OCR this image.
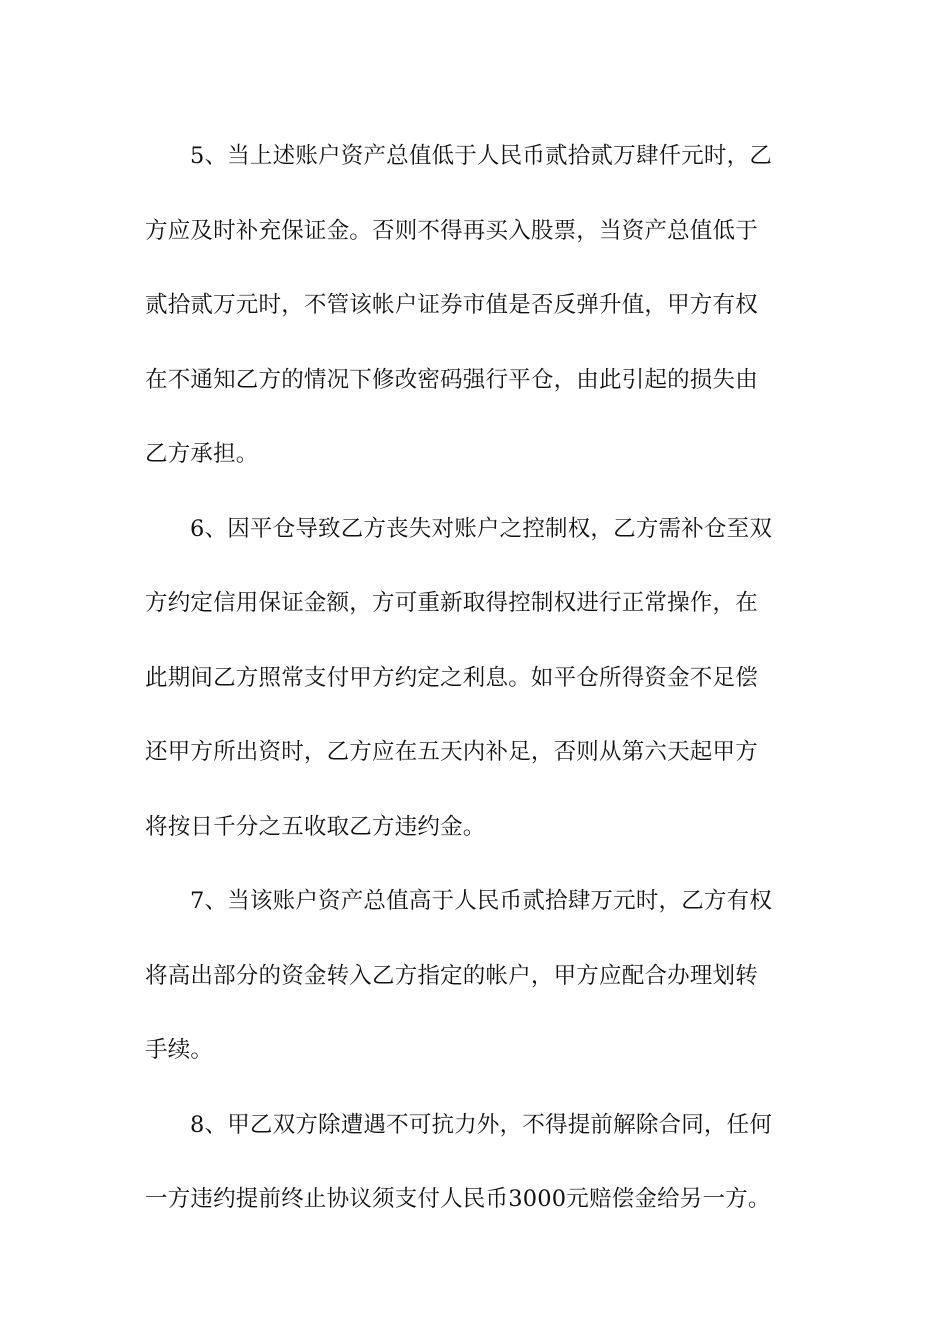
5、当上述账户资产总值低于人民币贰拾贰万肆仟元时，乙
方应及时补充保证金。否则不得再买入股票，当资产总值低于
贰拾贰万元时，不管该帐户证券市值是否反弹升值，甲方有权
在不通知乙方的情况下修改密码强行平仓，由此引起的损失由
乙方承担。
6、因平仓导致乙方丧失对账户之控制权，乙方需补仓至双
方约定信用保证金额，方可重新取得控制权进行正常操作，在
此期间乙方照常支付甲方约定之利息。如平仓所得资金不足偿
还甲方所出资时，乙方应在五天内补足，否则从第六天起甲方
将按日千分之五收取乙方违约金。
7、当该账户资产总值高于人民币贰拾肆万元时，乙方有权
将高出部分的资金转入乙方指定的帐户，甲方应配合办理划转
手续。
8、甲乙双方除遭遇不可抗力外，不得提前解除合同，任何
一方违约提前终止协议须支付人民币3000元赔偿金给另一方。
